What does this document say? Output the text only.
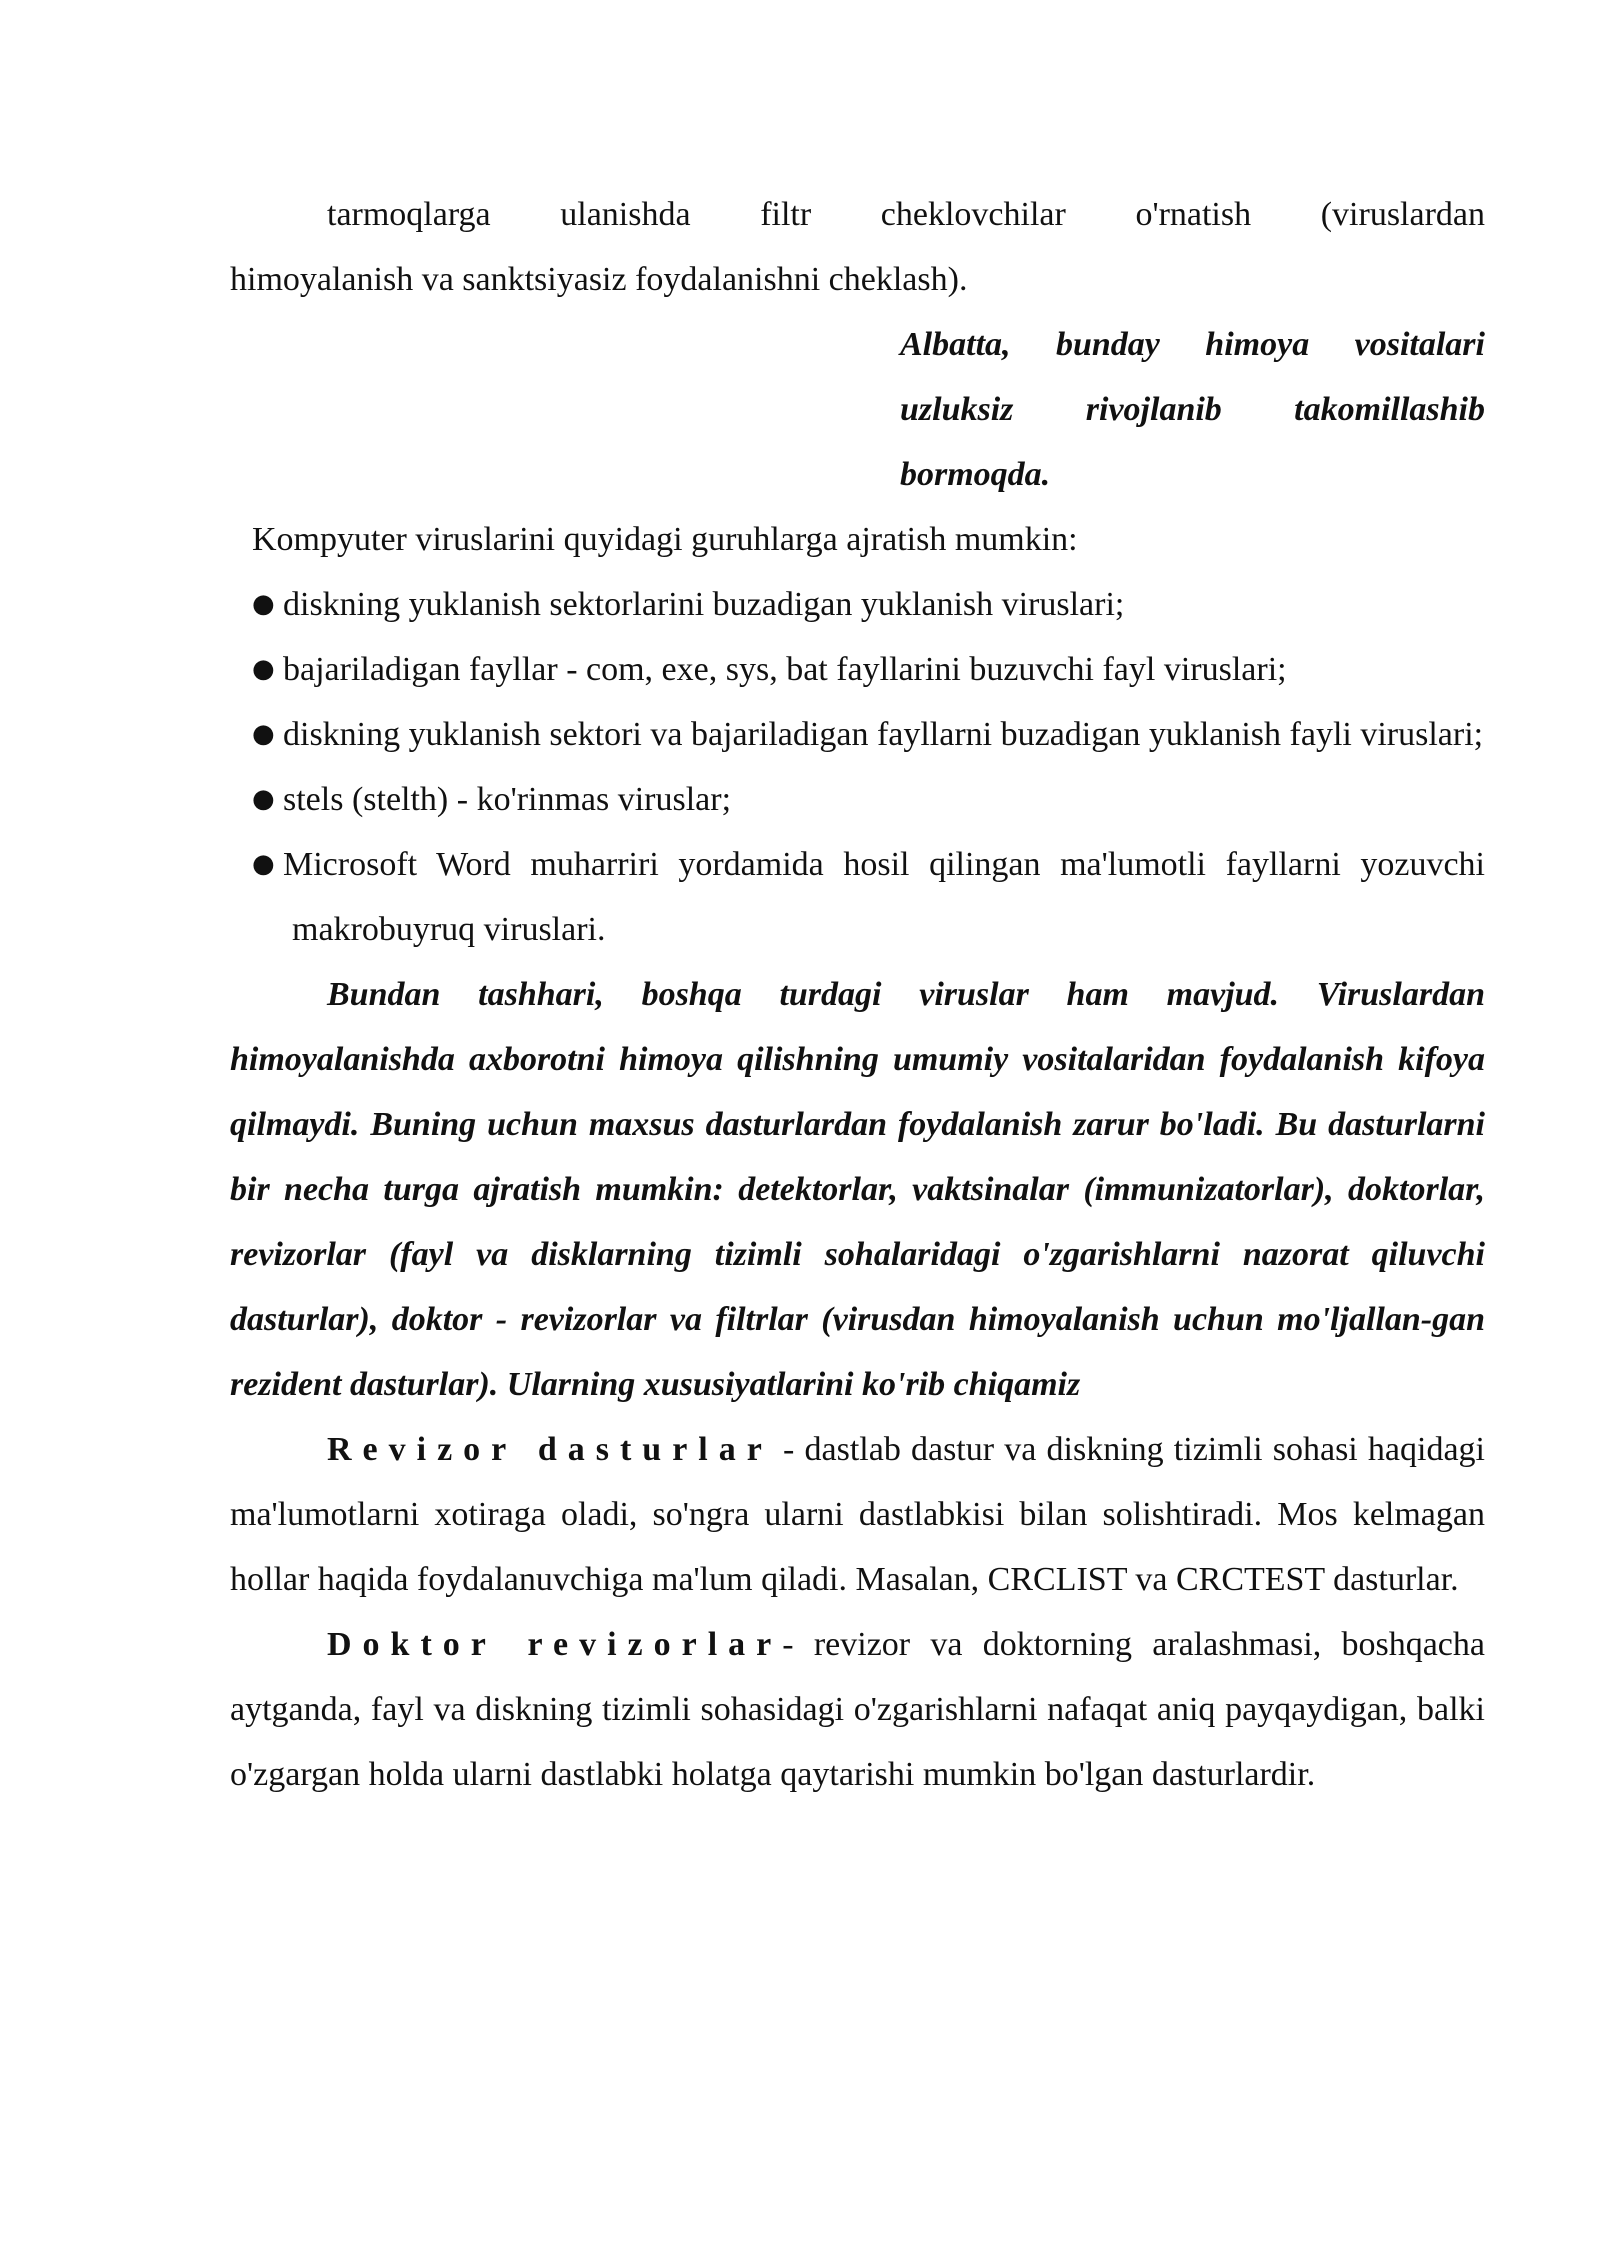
tarmoqlarga ulanishda filtr cheklovchilar o'rnatish (viruslardan
himoyalanish va sanktsiyasiz foydalanishni cheklash).

Albatta, bunday himoya vositalari
uzluksiz rivojlanib takomillashib
bormoqda.

Kompyuter viruslarini quyidagi guruhlarga ajratish mumkin:

● diskning yuklanish sektorlarini buzadigan yuklanish viruslari;
● bajariladigan fayllar - com, exe, sys, bat fayllarini buzuvchi fayl viruslari;
● diskning yuklanish sektori va bajariladigan fayllarni buzadigan yuklanish fayli viruslari;
● stels (stelth) - ko'rinmas viruslar;
● Microsoft Word muharriri yordamida hosil qilingan ma'lumotli fayllarni yozuvchi makrobuyruq viruslari.

Bundan tashhari, boshqa turdagi viruslar ham mavjud. Viruslardan himoyalanishda axborotni himoya qilishning umumiy vositalaridan foydalanish kifoya qilmaydi. Buning uchun maxsus dasturlardan foydalanish zarur bo'ladi. Bu dasturlarni bir necha turga ajratish mumkin: detektorlar, vaktsinalar (immunizatorlar), doktorlar, revizorlar (fayl va disklarning tizimli sohalaridagi o'zgarishlarni nazorat qiluvchi dasturlar), doktor - revizorlar va filtrlar (virusdan himoyalanish uchun mo'ljallan-gan rezident dasturlar). Ularning xususiyatlarini ko'rib chiqamiz

Revizor dasturlar - dastlab dastur va diskning tizimli sohasi haqidagi ma'lumotlarni xotiraga oladi, so'ngra ularni dastlabkisi bilan solishtiradi. Mos kelmagan hollar haqida foydalanuvchiga ma'lum qiladi. Masalan, CRCLIST va CRCTEST dasturlar.

Doktor revizorlar- revizor va doktorning aralashmasi, boshqacha aytganda, fayl va diskning tizimli sohasidagi o'zgarishlarni nafaqat aniq payqaydigan, balki o'zgargan holda ularni dastlabki holatga qaytarishi mumkin bo'lgan dasturlardir.
